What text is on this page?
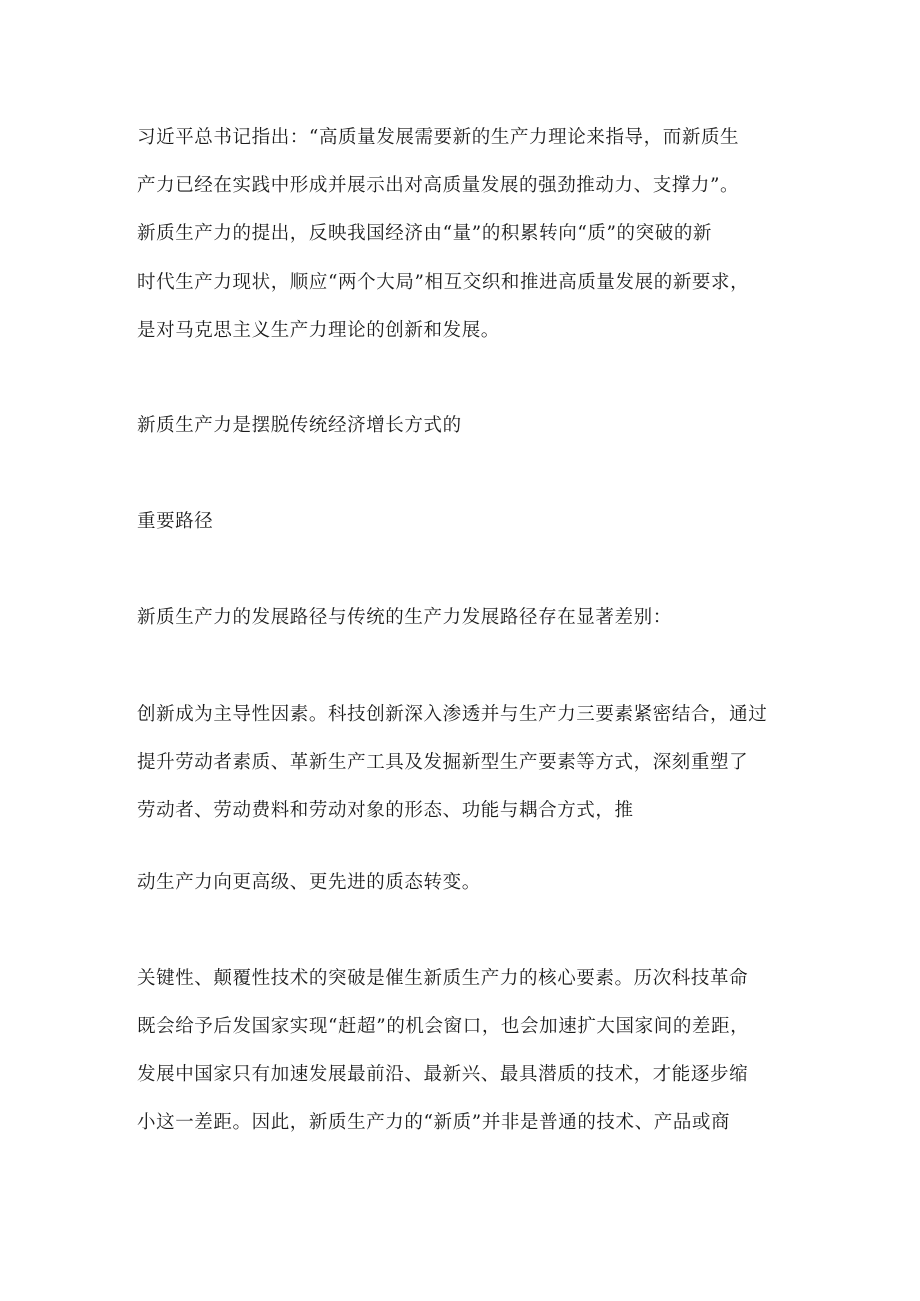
习近平总书记指出：“高质量发展需要新的生产力理论来指导，而新质生

产力已经在实践中形成并展示出对高质量发展的强劲推动力、支撑力”。

新质生产力的提出，反映我国经济由“量”的积累转向“质”的突破的新

时代生产力现状，顺应“两个大局”相互交织和推进高质量发展的新要求，

是对马克思主义生产力理论的创新和发展。

新质生产力是摆脱传统经济增长方式的

重要路径

新质生产力的发展路径与传统的生产力发展路径存在显著差别：

创新成为主导性因素。科技创新深入渗透并与生产力三要素紧密结合，通过

提升劳动者素质、革新生产工具及发掘新型生产要素等方式，深刻重塑了

劳动者、劳动费料和劳动对象的形态、功能与耦合方式，推

动生产力向更高级、更先进的质态转变。

关键性、颠覆性技术的突破是催生新质生产力的核心要素。历次科技革命

既会给予后发国家实现“赶超”的机会窗口，也会加速扩大国家间的差距，

发展中国家只有加速发展最前沿、最新兴、最具潜质的技术，才能逐步缩

小这一差距。因此，新质生产力的“新质”并非是普通的技术、产品或商
